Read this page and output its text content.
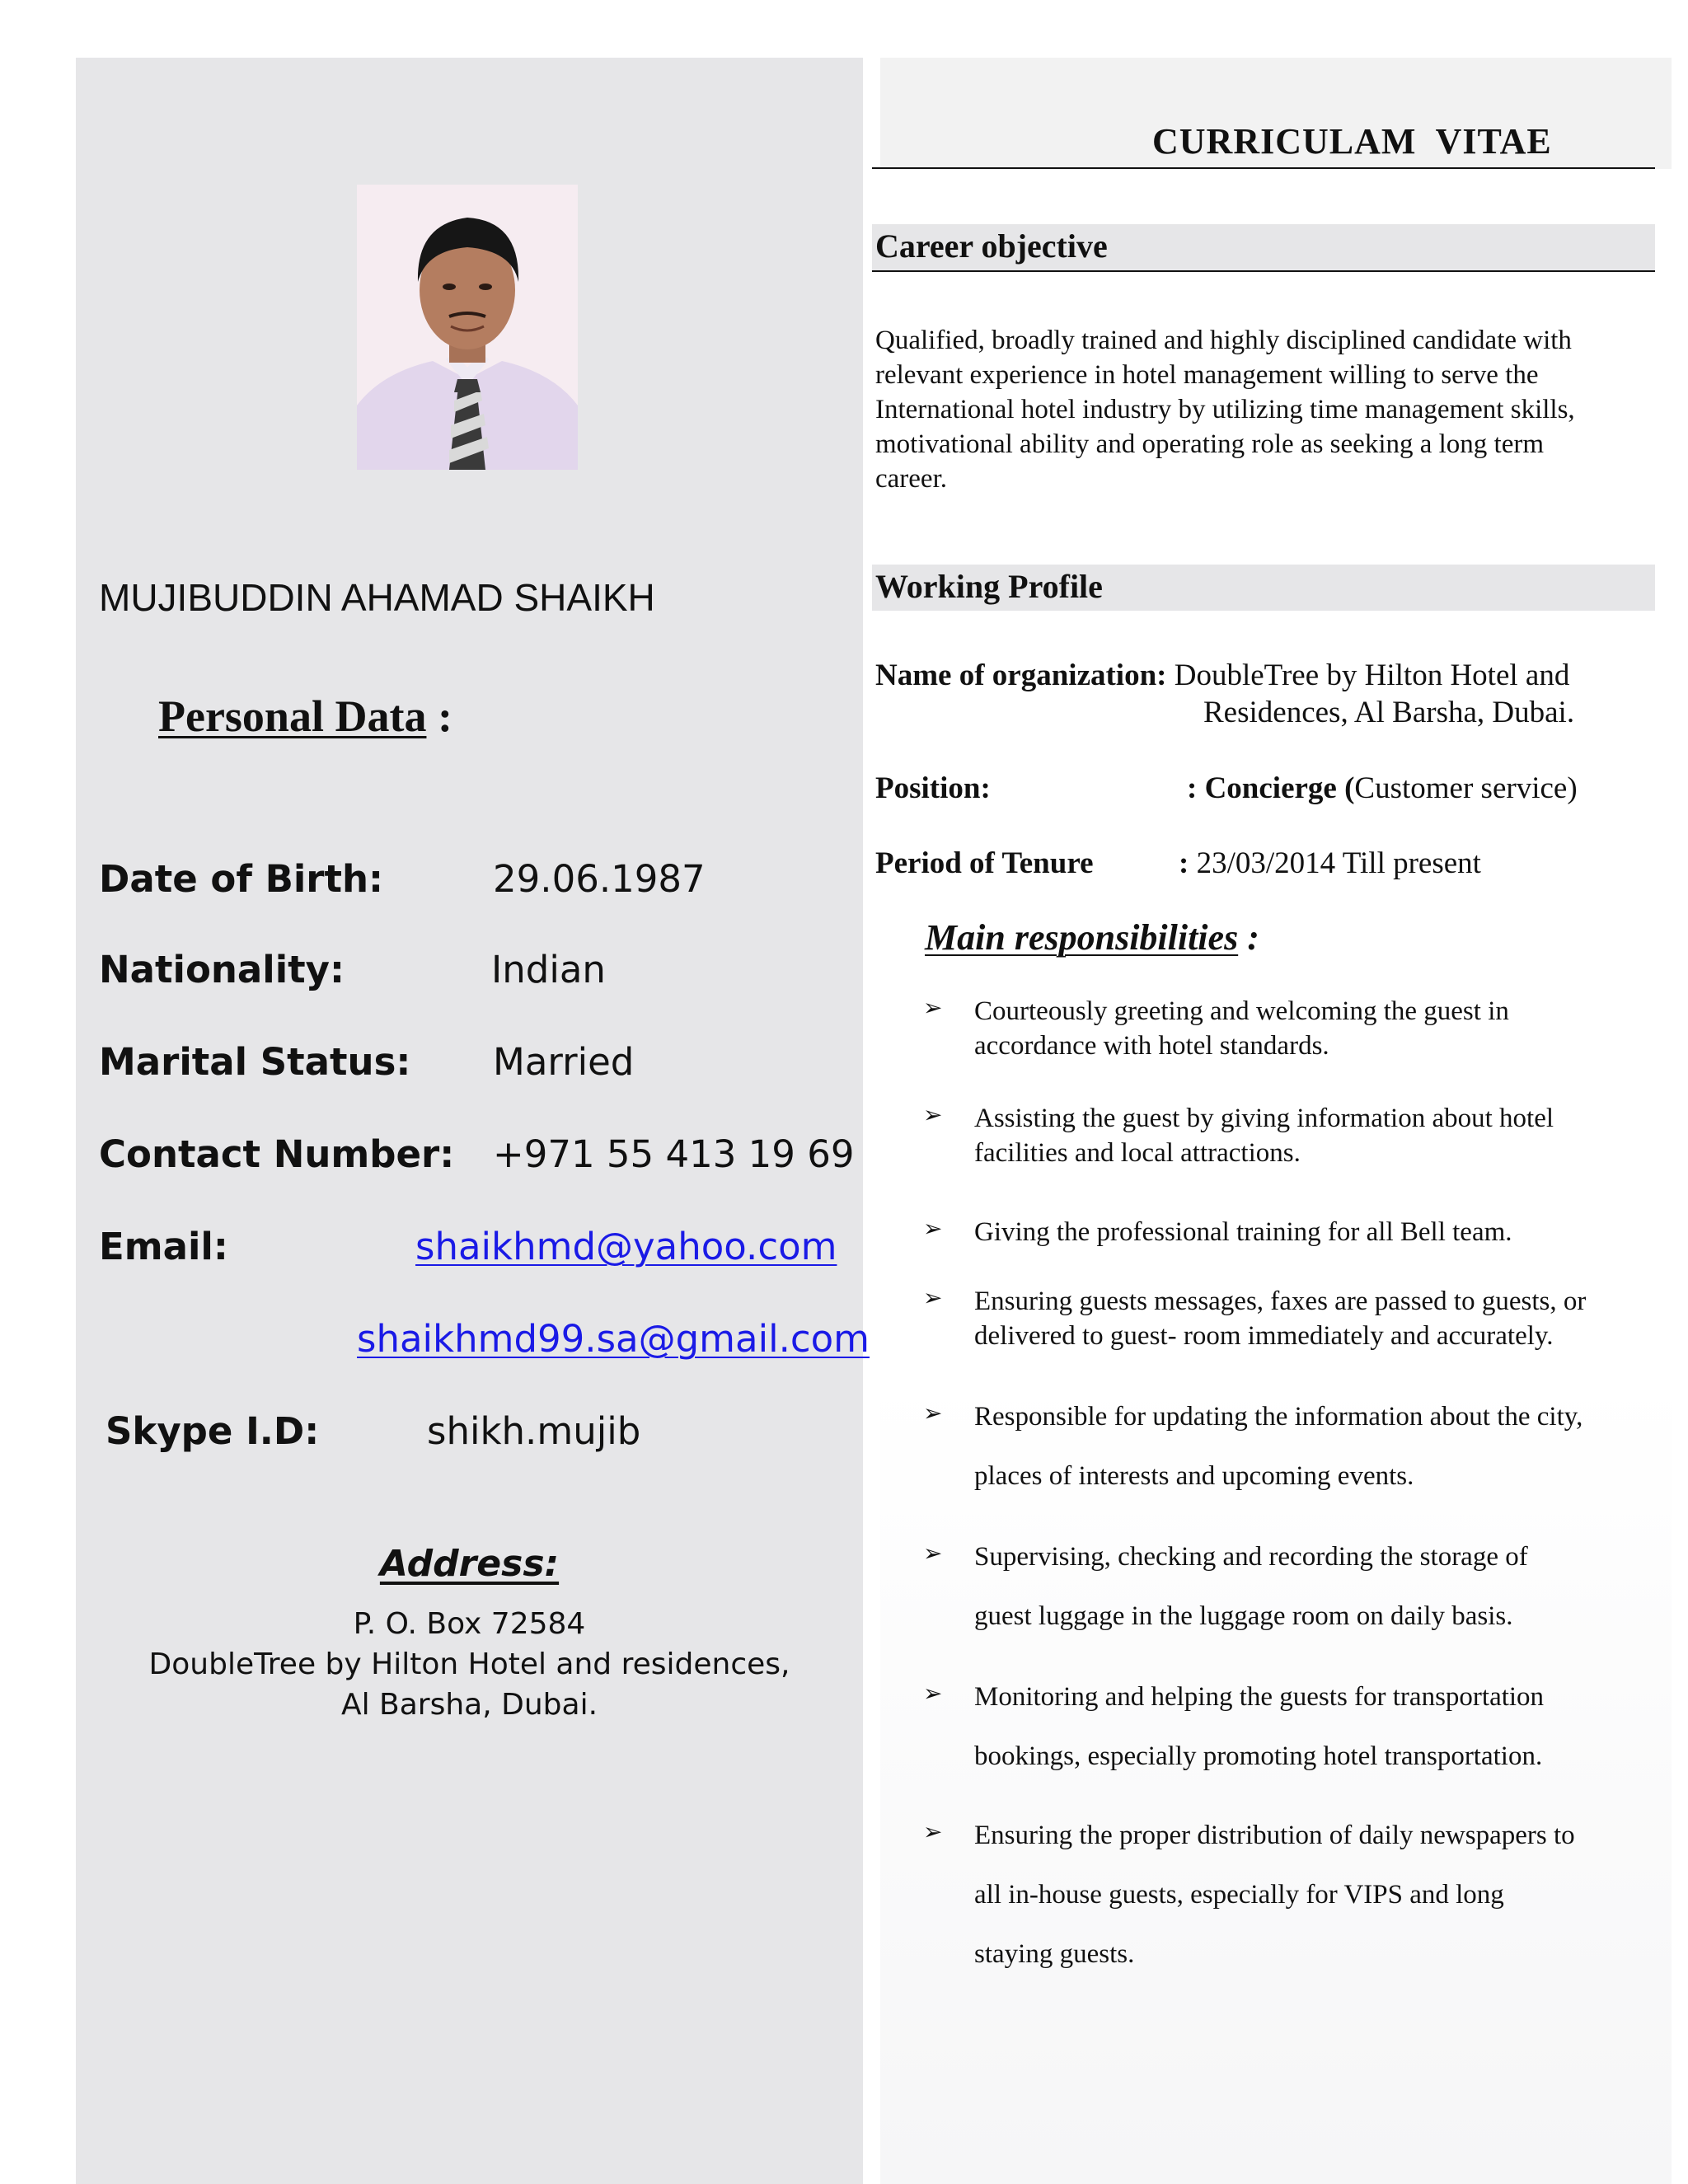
MUJIBUDDIN AHAMAD SHAIKH
Personal Data :
Date of Birth:	29.06.1987
Nationality:	Indian
Marital Status: Married
Contact Number: +971 55 413 19 69
Email:	shaikhmd@yahoo.com
shaikhmd99.sa@gmail.com
Skype I.D:	shikh.mujib
Address:
P. O. Box 72584
DoubleTree by Hilton Hotel and residences,
Al Barsha, Dubai.
CURRICULAM  VITAE
Career objective
Qualified, broadly trained and highly disciplined candidate with
relevant experience in hotel management willing to serve the
International hotel industry by utilizing time management skills,
motivational ability and operating role as seeking a long term
career.
Working Profile
Name of organization: DoubleTree by Hilton Hotel and
Residences, Al Barsha, Dubai.
Position:	: Concierge (Customer service)
Period of Tenure	: 23/03/2014 Till present
Main responsibilities :
➢ Courteously greeting and welcoming the guest in
accordance with hotel standards.
➢ Assisting the guest by giving information about hotel
facilities and local attractions.
➢ Giving the professional training for all Bell team.
➢ Ensuring guests messages, faxes are passed to guests, or
delivered to guest- room immediately and accurately.
➢ Responsible for updating the information about the city,
places of interests and upcoming events.
➢ Supervising, checking and recording the storage of
guest luggage in the luggage room on daily basis.
➢ Monitoring and helping the guests for transportation
bookings, especially promoting hotel transportation.
➢ Ensuring the proper distribution of daily newspapers to
all in-house guests, especially for VIPS and long
staying guests.
